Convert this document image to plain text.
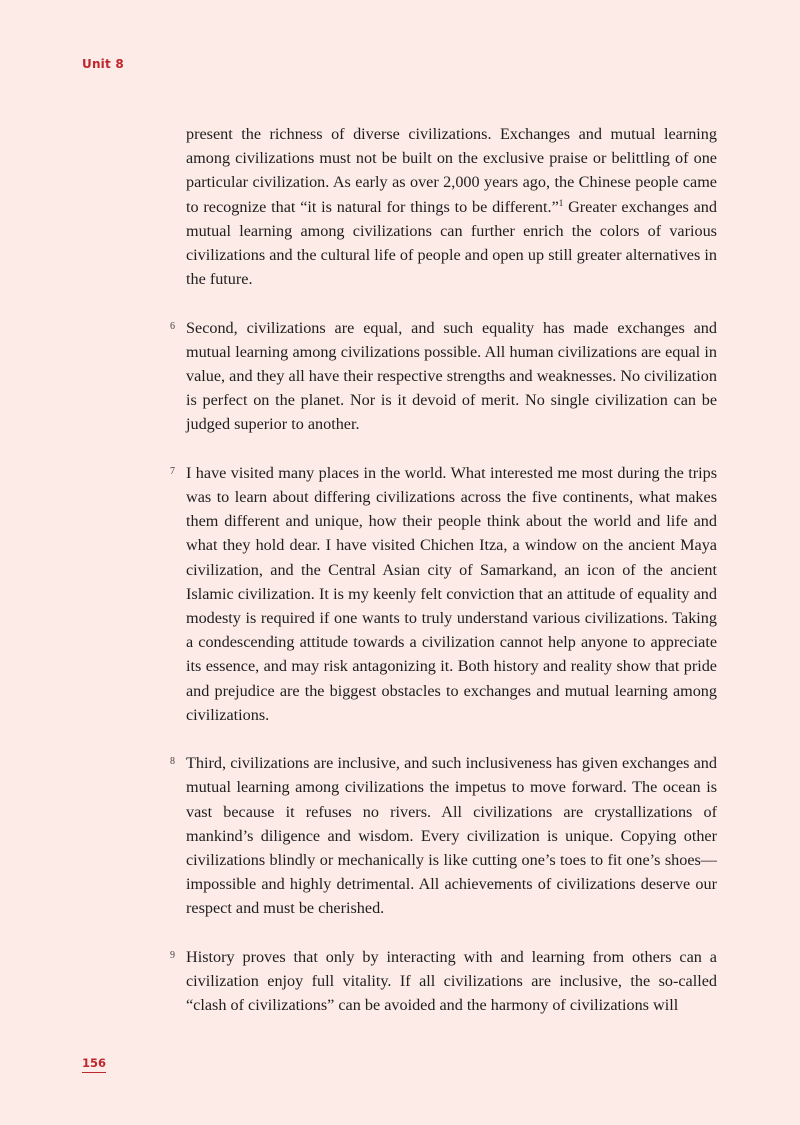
Unit 8

present the richness of diverse civilizations. Exchanges and mutual learning among civilizations must not be built on the exclusive praise or belittling of one particular civilization. As early as over 2,000 years ago, the Chinese people came to recognize that “it is natural for things to be different.”$^1$ Greater exchanges and mutual learning among civilizations can further enrich the colors of various civilizations and the cultural life of people and open up still greater alternatives in the future.

6 Second, civilizations are equal, and such equality has made exchanges and mutual learning among civilizations possible. All human civilizations are equal in value, and they all have their respective strengths and weaknesses. No civilization is perfect on the planet. Nor is it devoid of merit. No single civilization can be judged superior to another.

7 I have visited many places in the world. What interested me most during the trips was to learn about differing civilizations across the five continents, what makes them different and unique, how their people think about the world and life and what they hold dear. I have visited Chichen Itza, a window on the ancient Maya civilization, and the Central Asian city of Samarkand, an icon of the ancient Islamic civilization. It is my keenly felt conviction that an attitude of equality and modesty is required if one wants to truly understand various civilizations. Taking a condescending attitude towards a civilization cannot help anyone to appreciate its essence, and may risk antagonizing it. Both history and reality show that pride and prejudice are the biggest obstacles to exchanges and mutual learning among civilizations.

8 Third, civilizations are inclusive, and such inclusiveness has given exchanges and mutual learning among civilizations the impetus to move forward. The ocean is vast because it refuses no rivers. All civilizations are crystallizations of mankind’s diligence and wisdom. Every civilization is unique. Copying other civilizations blindly or mechanically is like cutting one’s toes to fit one’s shoes—impossible and highly detrimental. All achievements of civilizations deserve our respect and must be cherished.

9 History proves that only by interacting with and learning from others can a civilization enjoy full vitality. If all civilizations are inclusive, the so-called “clash of civilizations” can be avoided and the harmony of civilizations will

156
